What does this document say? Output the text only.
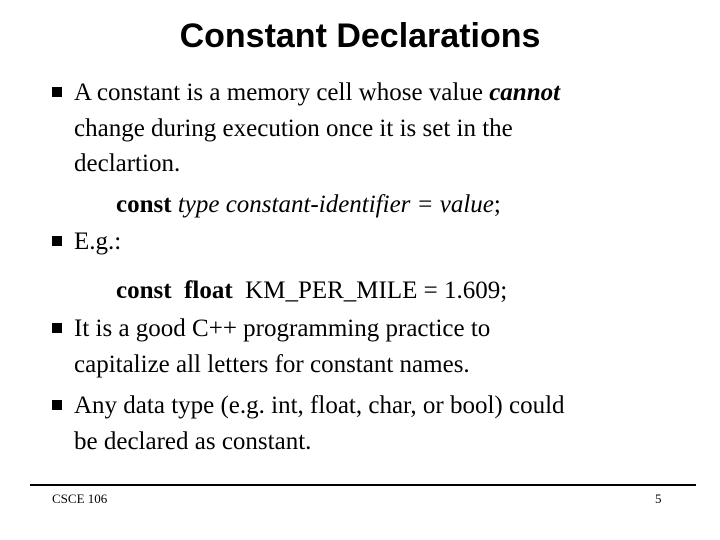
Constant Declarations
A constant is a memory cell whose value cannot
change during execution once it is set in the
declartion.
const type constant-identifier = value;
E.g.:
const float KM_PER_MILE = 1.609;
It is a good C++ programming practice to
capitalize all letters for constant names.
Any data type (e.g. int, float, char, or bool) could
be declared as constant.
CSCE 106	5
